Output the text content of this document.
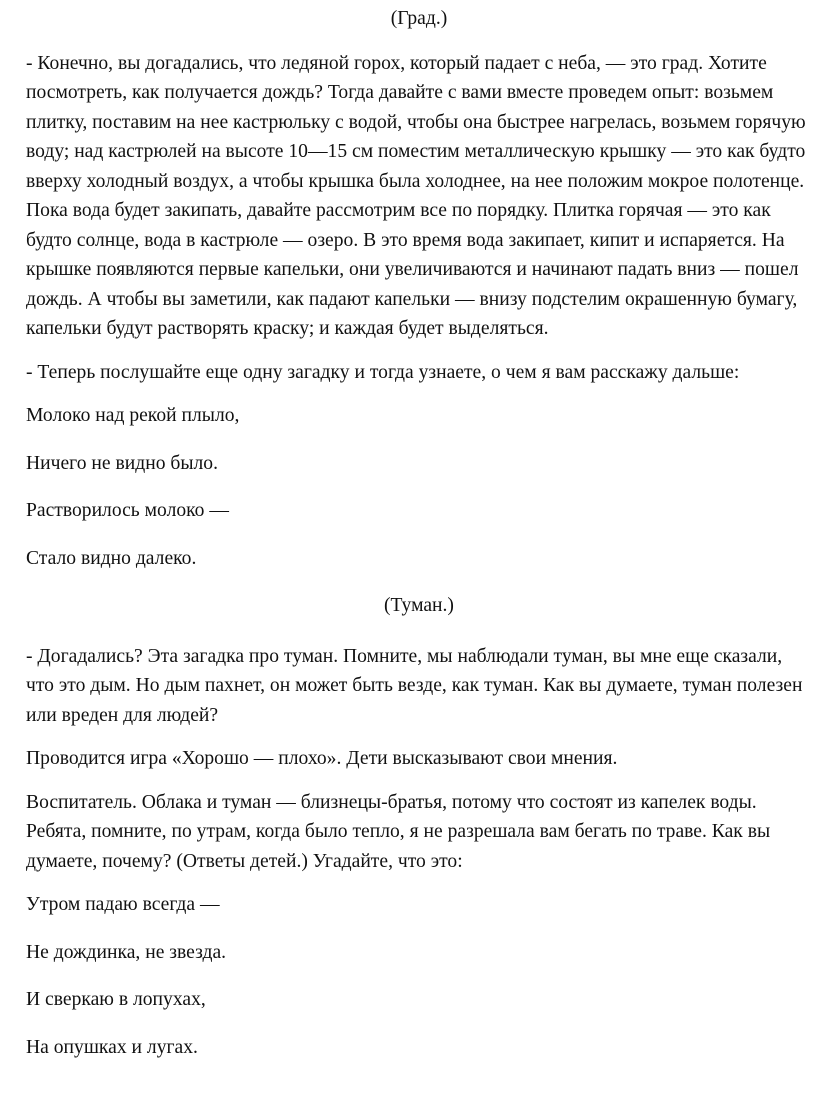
(Град.)

- Конечно, вы догадались, что ледяной горох, который падает с неба, — это град. Хотите посмотреть, как получается дождь? Тогда давайте с вами вместе проведем опыт: возьмем плитку, поставим на нее кастрюльку с водой, чтобы она быстрее нагрелась, возьмем горячую воду; над кастрюлей на высоте 10—15 см поместим металлическую крышку — это как будто вверху холодный воздух, а чтобы крышка была холоднее, на нее положим мокрое полотенце. Пока вода будет закипать, давайте рассмотрим все по порядку. Плитка горячая — это как будто солнце, вода в кастрюле — озеро. В это время вода закипает, кипит и испаряется. На крышке появляются первые капельки, они увеличиваются и начинают падать вниз — пошел дождь. А чтобы вы заметили, как падают капельки — внизу подстелим окрашенную бумагу, капельки будут растворять краску; и каждая будет выделяться.

- Теперь послушайте еще одну загадку и тогда узнаете, о чем я вам расскажу дальше:

Молоко над рекой плыло,

Ничего не видно было.

Растворилось молоко —

Стало видно далеко.

(Туман.)

- Догадались? Эта загадка про туман. Помните, мы наблюдали туман, вы мне еще сказали, что это дым. Но дым пахнет, он может быть везде, как туман. Как вы думаете, туман полезен или вреден для людей?

Проводится игра «Хорошо — плохо». Дети высказывают свои мнения.

Воспитатель. Облака и туман — близнецы-братья, потому что состоят из капелек воды. Ребята, помните, по утрам, когда было тепло, я не разрешала вам бегать по траве. Как вы думаете, почему? (Ответы детей.) Угадайте, что это:

Утром падаю всегда —

Не дождинка, не звезда.

И сверкаю в лопухах,

На опушках и лугах.
